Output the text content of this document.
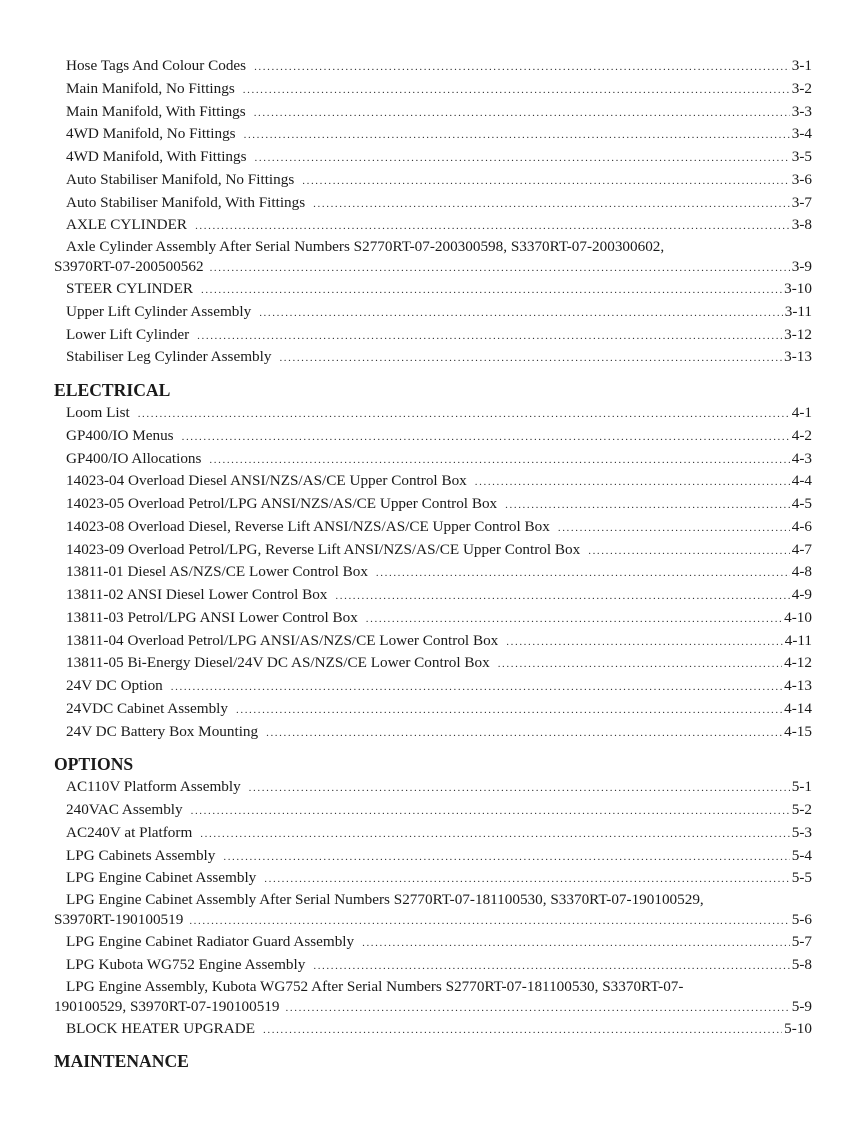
Hose Tags And Colour Codes .....	3-1
Main Manifold, No Fittings .....	3-2
Main Manifold, With Fittings .....	3-3
4WD Manifold, No Fittings .....	3-4
4WD Manifold, With Fittings .....	3-5
Auto Stabiliser Manifold, No Fittings .....	3-6
Auto Stabiliser Manifold, With Fittings .....	3-7
AXLE CYLINDER .....	3-8
Axle Cylinder Assembly After Serial Numbers S2770RT-07-200300598, S3370RT-07-200300602,
S3970RT-07-200500562 .....	3-9
STEER CYLINDER .....	3-10
Upper Lift Cylinder Assembly .....	3-11
Lower Lift Cylinder .....	3-12
Stabiliser Leg Cylinder Assembly .....	3-13
ELECTRICAL
Loom List .....	4-1
GP400/IO Menus .....	4-2
GP400/IO Allocations .....	4-3
14023-04 Overload Diesel ANSI/NZS/AS/CE Upper Control Box .....	4-4
14023-05 Overload Petrol/LPG ANSI/NZS/AS/CE Upper Control Box .....	4-5
14023-08 Overload Diesel, Reverse Lift ANSI/NZS/AS/CE Upper Control Box .....	4-6
14023-09 Overload Petrol/LPG, Reverse Lift ANSI/NZS/AS/CE Upper Control Box .....	4-7
13811-01 Diesel AS/NZS/CE Lower Control Box .....	4-8
13811-02 ANSI Diesel Lower Control Box .....	4-9
13811-03 Petrol/LPG ANSI Lower Control Box .....	4-10
13811-04 Overload Petrol/LPG ANSI/AS/NZS/CE Lower Control Box .....	4-11
13811-05 Bi-Energy Diesel/24V DC AS/NZS/CE Lower Control Box .....	4-12
24V DC Option .....	4-13
24VDC Cabinet Assembly .....	4-14
24V DC Battery Box Mounting .....	4-15
OPTIONS
AC110V Platform Assembly .....	5-1
240VAC Assembly .....	5-2
AC240V at Platform .....	5-3
LPG Cabinets Assembly .....	5-4
LPG Engine Cabinet Assembly .....	5-5
LPG Engine Cabinet Assembly After Serial Numbers S2770RT-07-181100530, S3370RT-07-190100529,
S3970RT-190100519 .....	5-6
LPG Engine Cabinet Radiator Guard Assembly .....	5-7
LPG Kubota WG752 Engine Assembly .....	5-8
LPG Engine Assembly, Kubota WG752 After Serial Numbers S2770RT-07-181100530, S3370RT-07-
190100529, S3970RT-07-190100519 .....	5-9
BLOCK HEATER UPGRADE .....	5-10
MAINTENANCE
